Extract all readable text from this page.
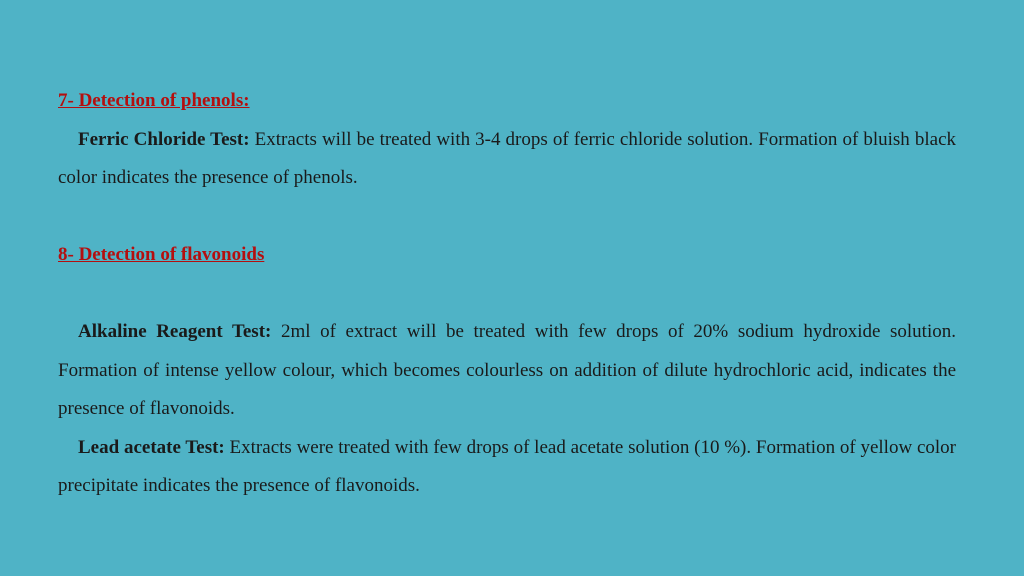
7- Detection of phenols:

Ferric Chloride Test: Extracts will be treated with 3-4 drops of ferric chloride solution. Formation of bluish black color indicates the presence of phenols.

8- Detection of flavonoids

Alkaline Reagent Test: 2ml of extract will be treated with few drops of 20% sodium hydroxide solution. Formation of intense yellow colour, which becomes colourless on addition of dilute hydrochloric acid, indicates the presence of flavonoids.

Lead acetate Test: Extracts were treated with few drops of lead acetate solution (10 %). Formation of yellow color precipitate indicates the presence of flavonoids.
